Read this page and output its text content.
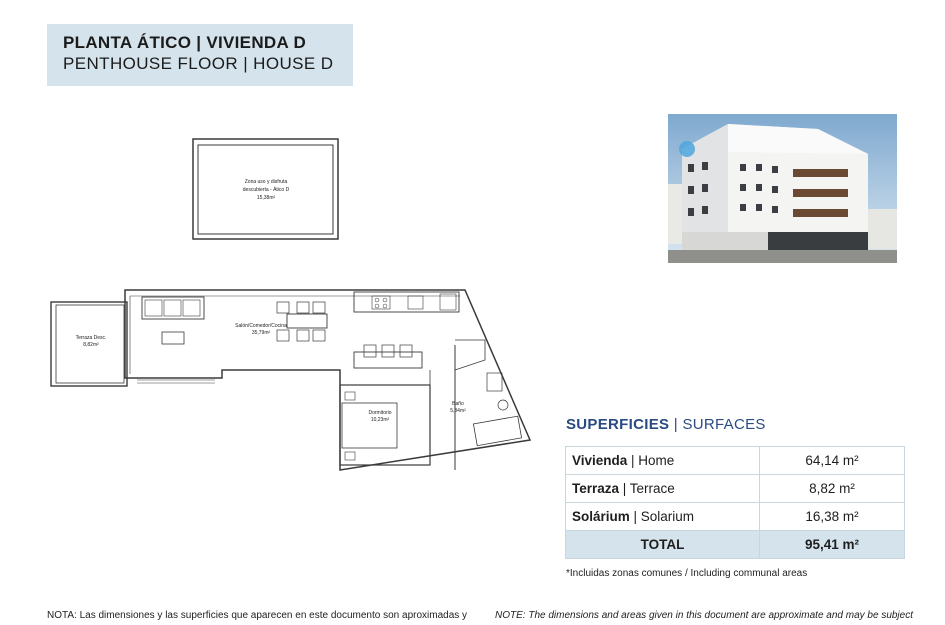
PLANTA ÁTICO | VIVIENDA D
PENTHOUSE FLOOR | HOUSE D
Zona uso y disfruta
descubierta - Ático D
15,38m²
Terraza Desc.
8,82m²
Salón/Comedor/Cocina
35,79m²
Dormitorio
10,23m²
Baño
5,34m²
SUPERFICIES | SURFACES
Vivienda | Home	64,14 m²
Terraza | Terrace	8,82 m²
Solárium | Solarium	16,38 m²
TOTAL	95,41 m²
*Incluidas zonas comunes / Including communal areas
NOTA: Las dimensiones y las superficies que aparecen en este documento son aproximadas y	NOTE: The dimensions and areas given in this document are approximate and may be subject
